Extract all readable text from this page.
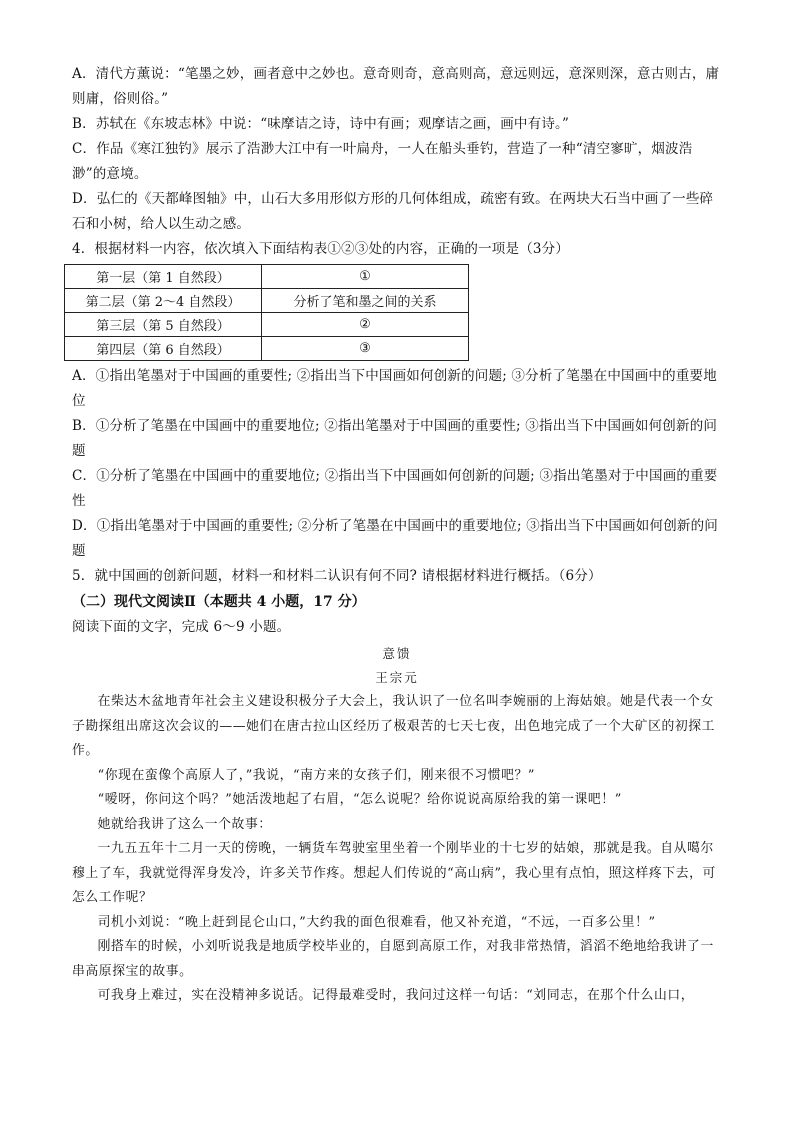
A．清代方薰说：“笔墨之妙，画者意中之妙也。意奇则奇，意高则高，意远则远，意深则深，意古则古，庸则庸，俗则俗。”

B．苏轼在《东坡志林》中说：“味摩诘之诗，诗中有画；观摩诘之画，画中有诗。”

C．作品《寒江独钓》展示了浩渺大江中有一叶扁舟，一人在船头垂钓，营造了一种“清空寥旷，烟波浩渺”的意境。

D．弘仁的《天都峰图轴》中，山石大多用形似方形的几何体组成，疏密有致。在两块大石当中画了一些碎石和小树，给人以生动之感。

4．根据材料一内容，依次填入下面结构表①②③处的内容，正确的一项是（3分）

第一层（第 1 自然段）	①
第二层（第 2～4 自然段）	分析了笔和墨之间的关系
第三层（第 5 自然段）	②
第四层（第 6 自然段）	③

A．①指出笔墨对于中国画的重要性; ②指出当下中国画如何创新的问题; ③分析了笔墨在中国画中的重要地位

B．①分析了笔墨在中国画中的重要地位; ②指出笔墨对于中国画的重要性; ③指出当下中国画如何创新的问题

C．①分析了笔墨在中国画中的重要地位; ②指出当下中国画如何创新的问题; ③指出笔墨对于中国画的重要性

D．①指出笔墨对于中国画的重要性; ②分析了笔墨在中国画中的重要地位; ③指出当下中国画如何创新的问题

5．就中国画的创新问题，材料一和材料二认识有何不同? 请根据材料进行概括。（6分）

（二）现代文阅读Ⅱ（本题共 4 小题，17 分）

阅读下面的文字，完成 6～9 小题。

意馈

王宗元

在柴达木盆地青年社会主义建设积极分子大会上，我认识了一位名叫李婉丽的上海姑娘。她是代表一个女子勘探组出席这次会议的——她们在唐古拉山区经历了极艰苦的七天七夜，出色地完成了一个大矿区的初探工作。

“你现在蛮像个高原人了，”我说，“南方来的女孩子们，刚来很不习惯吧？”

“嗳呀，你问这个吗？”她活泼地起了右眉，“怎么说呢？给你说说高原给我的第一课吧！”

她就给我讲了这么一个故事：

一九五五年十二月一天的傍晚，一辆货车驾驶室里坐着一个刚毕业的十七岁的姑娘，那就是我。自从噶尔穆上了车，我就觉得浑身发冷，许多关节作疼。想起人们传说的“高山病”，我心里有点怕，照这样疼下去，可怎么工作呢？

司机小刘说：“晚上赶到昆仑山口，”大约我的面色很难看，他又补充道，“不远，一百多公里！”

刚搭车的时候，小刘听说我是地质学校毕业的，自愿到高原工作，对我非常热情，滔滔不绝地给我讲了一串高原探宝的故事。

可我身上难过，实在没精神多说话。记得最难受时，我问过这样一句话：“刘同志，在那个什么山口，
